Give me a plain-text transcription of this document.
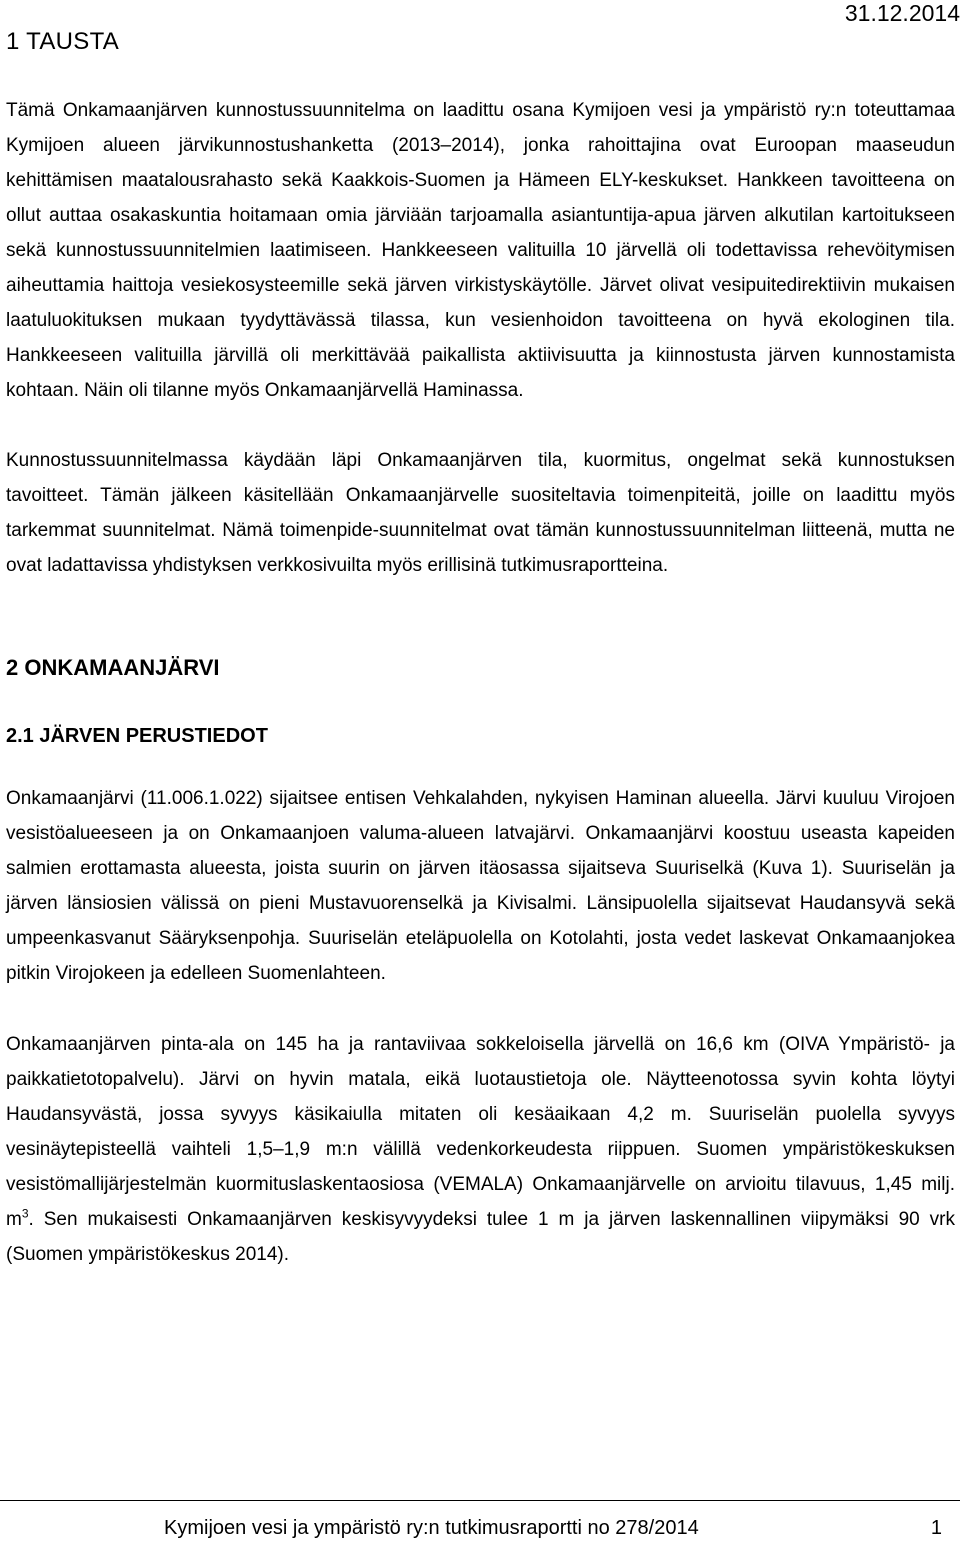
1 TAUSTA
31.12.2014

Tämä Onkamaanjärven kunnostussuunnitelma on laadittu osana Kymijoen vesi ja ympäristö ry:n toteuttamaa Kymijoen alueen järvikunnostushanketta (2013–2014), jonka rahoittajina ovat Euroopan maaseudun kehittämisen maatalousrahasto sekä Kaakkois-Suomen ja Hämeen ELY-keskukset. Hankkeen tavoitteena on ollut auttaa osakaskuntia hoitamaan omia järviään tarjoamalla asiantuntija-apua järven alkutilan kartoitukseen sekä kunnostussuunnitelmien laatimiseen. Hankkeeseen valituilla 10 järvellä oli todettavissa rehevöitymisen aiheuttamia haittoja vesiekosysteemille sekä järven virkistyskäytölle. Järvet olivat vesipuitedirektiivin mukaisen laatuluokituksen mukaan tyydyttävässä tilassa, kun vesienhoidon tavoitteena on hyvä ekologinen tila. Hankkeeseen valituilla järvillä oli merkittävää paikallista aktiivisuutta ja kiinnostusta järven kunnostamista kohtaan. Näin oli tilanne myös Onkamaanjärvellä Haminassa.

Kunnostussuunnitelmassa käydään läpi Onkamaanjärven tila, kuormitus, ongelmat sekä kunnostuksen tavoitteet. Tämän jälkeen käsitellään Onkamaanjärvelle suositeltavia toimenpiteitä, joille on laadittu myös tarkemmat suunnitelmat. Nämä toimenpide-suunnitelmat ovat tämän kunnostussuunnitelman liitteenä, mutta ne ovat ladattavissa yhdistyksen verkkosivuilta myös erillisinä tutkimusraportteina.

2 ONKAMAANJÄRVI
2.1 JÄRVEN PERUSTIEDOT

Onkamaanjärvi (11.006.1.022) sijaitsee entisen Vehkalahden, nykyisen Haminan alueella. Järvi kuuluu Virojoen vesistöalueeseen ja on Onkamaanjoen valuma-alueen latvajärvi. Onkamaanjärvi koostuu useasta kapeiden salmien erottamasta alueesta, joista suurin on järven itäosassa sijaitseva Suuriselkä (Kuva 1). Suuriselän ja järven länsiosien välissä on pieni Mustavuorenselkä ja Kivisalmi. Länsipuolella sijaitsevat Haudansyvä sekä umpeenkasvanut Sääryksenpohja. Suuriselän eteläpuolella on Kotolahti, josta vedet laskevat Onkamaanjokea pitkin Virojokeen ja edelleen Suomenlahteen.

Onkamaanjärven pinta-ala on 145 ha ja rantaviivaa sokkeloisella järvellä on 16,6 km (OIVA Ympäristö- ja paikkatietotopalvelu). Järvi on hyvin matala, eikä luotaustietoja ole. Näytteenotossa syvin kohta löytyi Haudansyvästä, jossa syvyys käsikaiulla mitaten oli kesäaikaan 4,2 m. Suuriselän puolella syvyys vesinäytepisteellä vaihteli 1,5–1,9 m:n välillä vedenkorkeudesta riippuen. Suomen ympäristökeskuksen vesistömallijärjestelmän kuormituslaskentaosiosa (VEMALA) Onkamaanjärvelle on arvioitu tilavuus, 1,45 milj. $m^3$. Sen mukaisesti Onkamaanjärven keskisyvyydeksi tulee 1 m ja järven laskennallinen viipymäksi 90 vrk (Suomen ympäristökeskus 2014).

Kymijoen vesi ja ympäristö ry:n tutkimusraportti no 278/2014	1
